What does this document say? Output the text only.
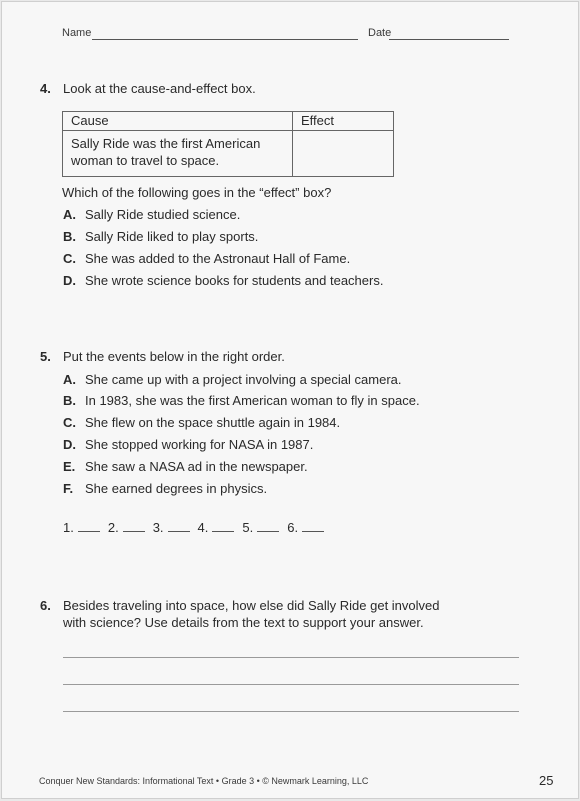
Name	Date
4. Look at the cause-and-effect box.
Cause	Effect
Sally Ride was the first American
woman to travel to space.	
Which of the following goes in the “effect” box?
A. Sally Ride studied science.
B. Sally Ride liked to play sports.
C. She was added to the Astronaut Hall of Fame.
D. She wrote science books for students and teachers.
5. Put the events below in the right order.
A. She came up with a project involving a special camera.
B. In 1983, she was the first American woman to fly in space.
C. She flew on the space shuttle again in 1984.
D. She stopped working for NASA in 1987.
E. She saw a NASA ad in the newspaper.
F. She earned degrees in physics.
1.	2.	3.	4.	5.	6.
6. Besides traveling into space, how else did Sally Ride get involved
with science? Use details from the text to support your answer.
Conquer New Standards: Informational Text • Grade 3 • © Newmark Learning, LLC	25
